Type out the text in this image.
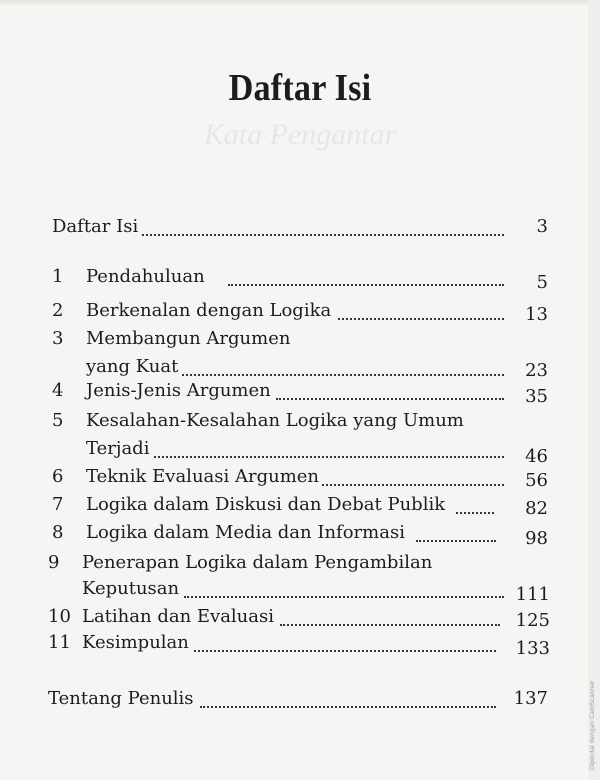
Daftar Isi
Kata Pengantar
Daftar Isi	3
1 Pendahuluan	5
2 Berkenalan dengan Logika	13
3 Membangun Argumen
yang Kuat	23
4 Jenis-Jenis Argumen	35
5 Kesalahan-Kesalahan Logika yang Umum
Terjadi	46
6 Teknik Evaluasi Argumen	56
7 Logika dalam Diskusi dan Debat Publik	82
8 Logika dalam Media dan Informasi	98
9 Penerapan Logika dalam Pengambilan
Keputusan	111
10 Latihan dan Evaluasi	125
11 Kesimpulan	133
Tentang Penulis	137	Dipindai dengan CamScanner
